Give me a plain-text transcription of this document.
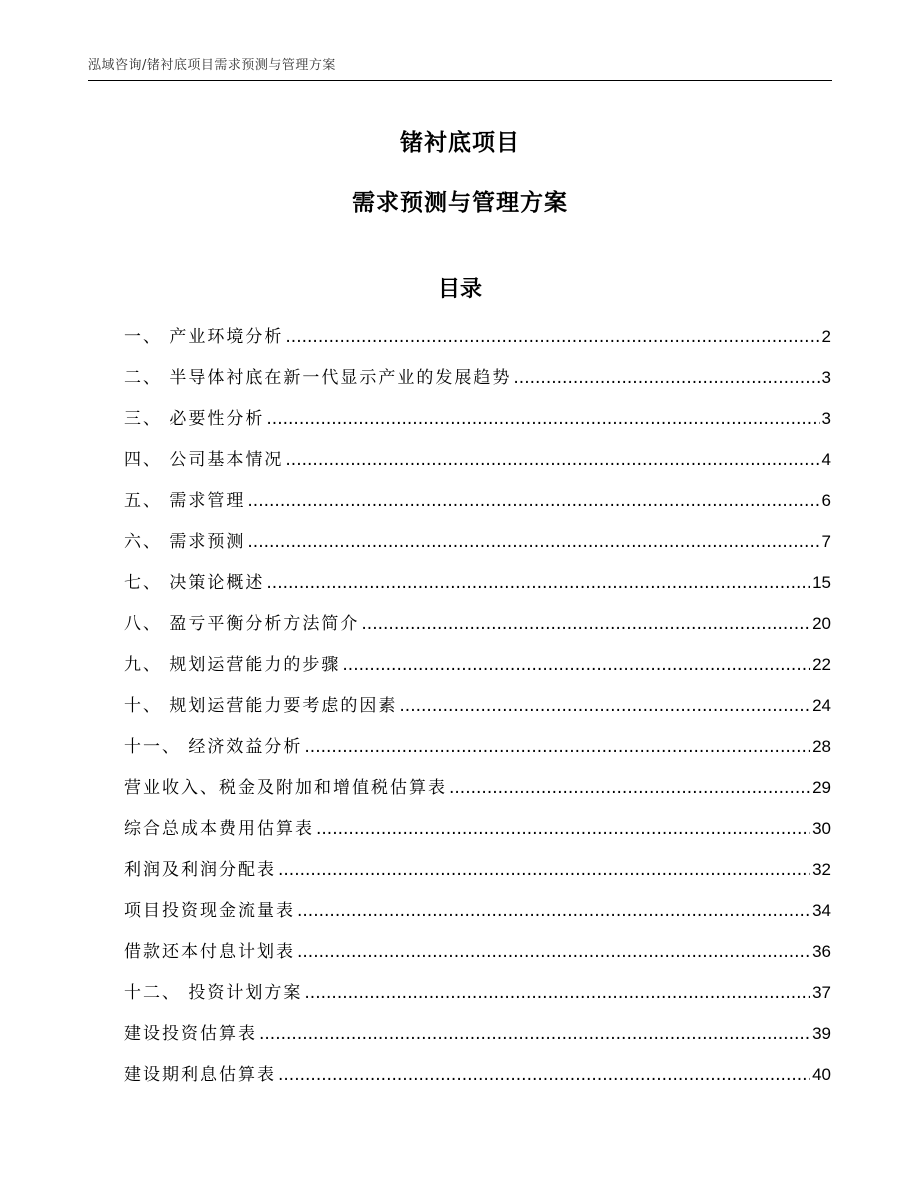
泓域咨询/锗衬底项目需求预测与管理方案
锗衬底项目
需求预测与管理方案
目录
一、 产业环境分析 .....	2
二、 半导体衬底在新一代显示产业的发展趋势 .....	3
三、 必要性分析 .....	3
四、 公司基本情况 .....	4
五、 需求管理 .....	6
六、 需求预测 .....	7
七、 决策论概述 .....	15
八、 盈亏平衡分析方法简介 .....	20
九、 规划运营能力的步骤 .....	22
十、 规划运营能力要考虑的因素 .....	24
十一、 经济效益分析 .....	28
营业收入、税金及附加和增值税估算表 .....	29
综合总成本费用估算表 .....	30
利润及利润分配表 .....	32
项目投资现金流量表 .....	34
借款还本付息计划表 .....	36
十二、 投资计划方案 .....	37
建设投资估算表 .....	39
建设期利息估算表 .....	40
